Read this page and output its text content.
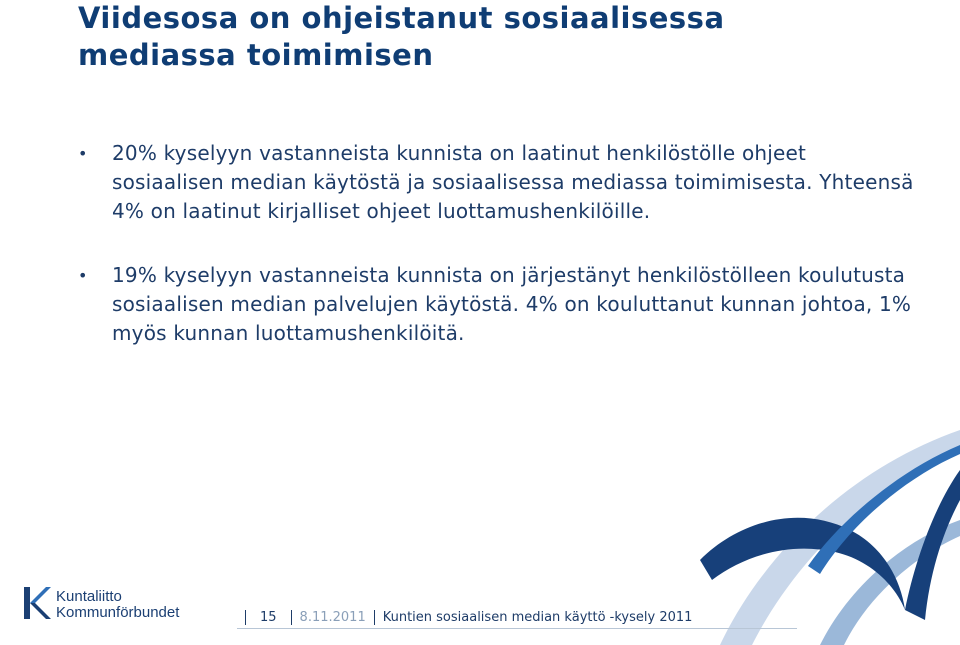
Viidesosa on ohjeistanut sosiaalisessa mediassa toimimisen
• 20% kyselyyn vastanneista kunnista on laatinut henkilöstölle ohjeet sosiaalisen median käytöstä ja sosiaalisessa mediassa toimimisesta. Yhteensä 4% on laatinut kirjalliset ohjeet luottamushenkilöille.
• 19% kyselyyn vastanneista kunnista on järjestänyt henkilöstölleen koulutusta sosiaalisen median palvelujen käytöstä. 4% on kouluttanut kunnan johtoa, 1% myös kunnan luottamushenkilöitä.
Kuntaliitto
Kommunförbundet	15 8.11.2011 Kuntien sosiaalisen median käyttö -kysely 2011
